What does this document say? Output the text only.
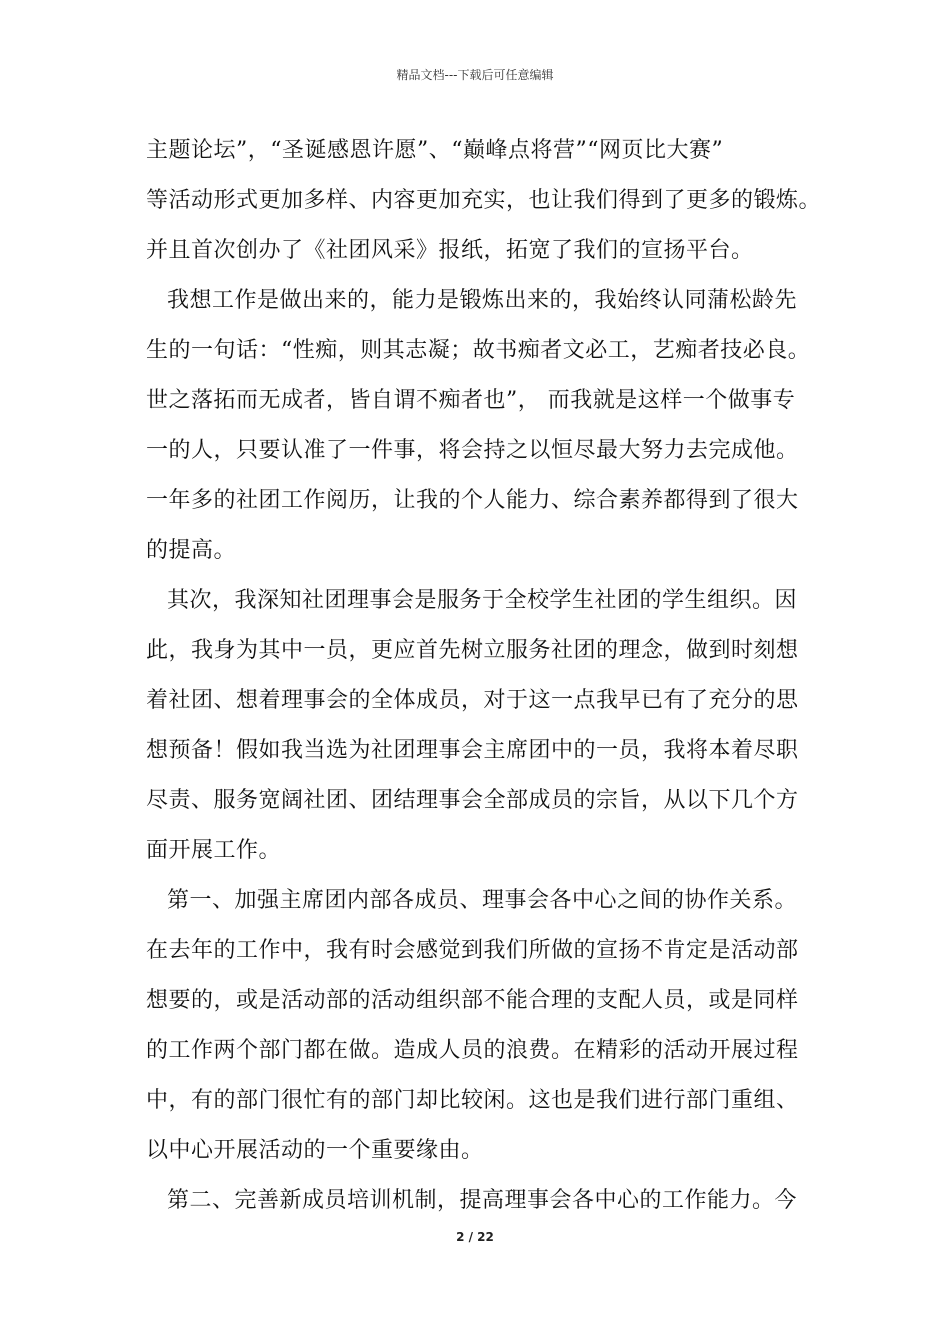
精品文档---下载后可任意编辑
主题论坛”，“圣诞感恩许愿”、“巅峰点将营”“网页比大赛”
等活动形式更加多样、内容更加充实，也让我们得到了更多的锻炼。
并且首次创办了《社团风采》报纸，拓宽了我们的宣扬平台。
我想工作是做出来的，能力是锻炼出来的，我始终认同蒲松龄先
生的一句话：“性痴，则其志凝；故书痴者文必工，艺痴者技必良。
世之落拓而无成者，皆自谓不痴者也”， 而我就是这样一个做事专
一的人，只要认准了一件事，将会持之以恒尽最大努力去完成他。
一年多的社团工作阅历，让我的个人能力、综合素养都得到了很大
的提高。
其次，我深知社团理事会是服务于全校学生社团的学生组织。因
此，我身为其中一员，更应首先树立服务社团的理念，做到时刻想
着社团、想着理事会的全体成员，对于这一点我早已有了充分的思
想预备！假如我当选为社团理事会主席团中的一员，我将本着尽职
尽责、服务宽阔社团、团结理事会全部成员的宗旨，从以下几个方
面开展工作。
第一、加强主席团内部各成员、理事会各中心之间的协作关系。
在去年的工作中，我有时会感觉到我们所做的宣扬不肯定是活动部
想要的，或是活动部的活动组织部不能合理的支配人员，或是同样
的工作两个部门都在做。造成人员的浪费。在精彩的活动开展过程
中，有的部门很忙有的部门却比较闲。这也是我们进行部门重组、
以中心开展活动的一个重要缘由。
第二、完善新成员培训机制，提高理事会各中心的工作能力。今
2 / 22
